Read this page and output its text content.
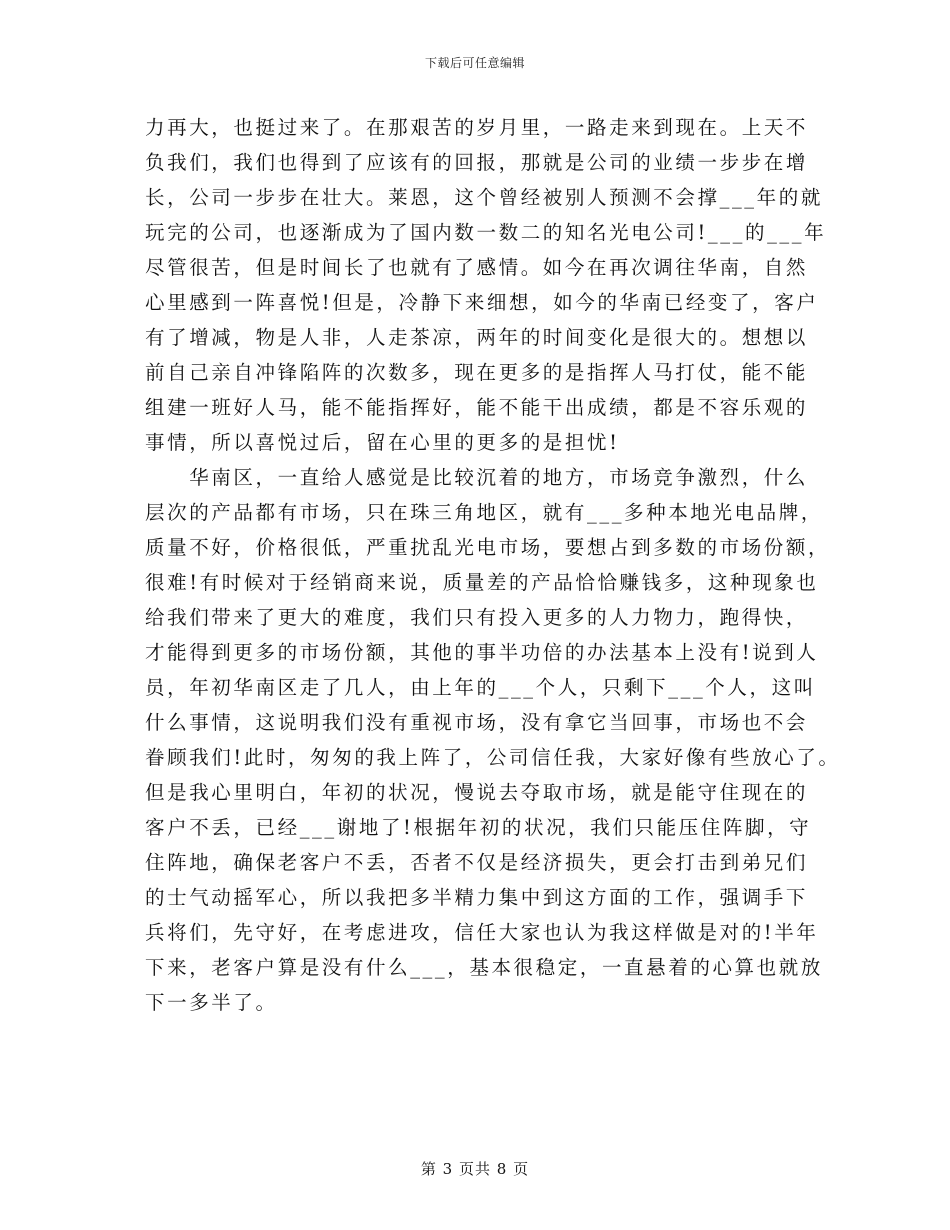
下载后可任意编辑
力再大，也挺过来了。在那艰苦的岁月里，一路走来到现在。上天不
负我们，我们也得到了应该有的回报，那就是公司的业绩一步步在增
长，公司一步步在壮大。莱恩，这个曾经被别人预测不会撑___年的就
玩完的公司，也逐渐成为了国内数一数二的知名光电公司!___的___年
尽管很苦，但是时间长了也就有了感情。如今在再次调往华南，自然
心里感到一阵喜悦!但是，冷静下来细想，如今的华南已经变了，客户
有了增减，物是人非，人走茶凉，两年的时间变化是很大的。想想以
前自己亲自冲锋陷阵的次数多，现在更多的是指挥人马打仗，能不能
组建一班好人马，能不能指挥好，能不能干出成绩，都是不容乐观的
事情，所以喜悦过后，留在心里的更多的是担忧!
　　华南区，一直给人感觉是比较沉着的地方，市场竞争激烈，什么
层次的产品都有市场，只在珠三角地区，就有___多种本地光电品牌，
质量不好，价格很低，严重扰乱光电市场，要想占到多数的市场份额，
很难!有时候对于经销商来说，质量差的产品恰恰赚钱多，这种现象也
给我们带来了更大的难度，我们只有投入更多的人力物力，跑得快，
才能得到更多的市场份额，其他的事半功倍的办法基本上没有!说到人
员，年初华南区走了几人，由上年的___个人，只剩下___个人，这叫
什么事情，这说明我们没有重视市场，没有拿它当回事，市场也不会
眷顾我们!此时，匆匆的我上阵了，公司信任我，大家好像有些放心了。
但是我心里明白，年初的状况，慢说去夺取市场，就是能守住现在的
客户不丢，已经___谢地了!根据年初的状况，我们只能压住阵脚，守
住阵地，确保老客户不丢，否者不仅是经济损失，更会打击到弟兄们
的士气动摇军心，所以我把多半精力集中到这方面的工作，强调手下
兵将们，先守好，在考虑进攻，信任大家也认为我这样做是对的!半年
下来，老客户算是没有什么___，基本很稳定，一直悬着的心算也就放
下一多半了。
第 3 页共 8 页
